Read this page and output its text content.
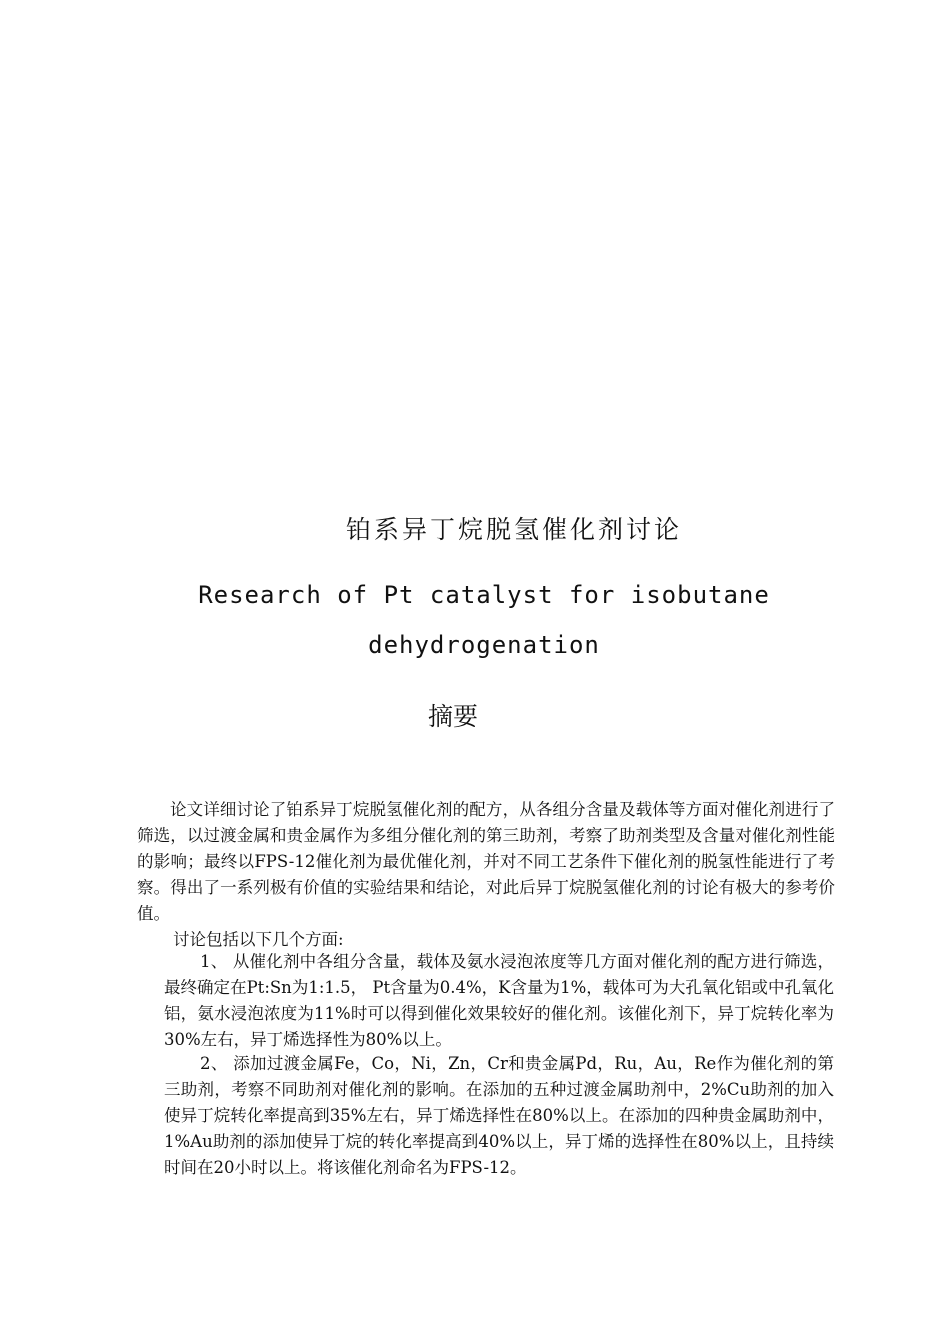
铂系异丁烷脱氢催化剂讨论
Research of Pt catalyst for isobutane dehydrogenation
摘要
论文详细讨论了铂系异丁烷脱氢催化剂的配方，从各组分含量及载体等方面对催化剂进行了筛选，以过渡金属和贵金属作为多组分催化剂的第三助剂，考察了助剂类型及含量对催化剂性能的影响；最终以FPS-12催化剂为最优催化剂，并对不同工艺条件下催化剂的脱氢性能进行了考察。得出了一系列极有价值的实验结果和结论，对此后异丁烷脱氢催化剂的讨论有极大的参考价值。
讨论包括以下几个方面:
1、 从催化剂中各组分含量，载体及氨水浸泡浓度等几方面对催化剂的配方进行筛选，最终确定在Pt:Sn为1:1.5， Pt含量为0.4%，K含量为1%，载体可为大孔氧化铝或中孔氧化铝，氨水浸泡浓度为11%时可以得到催化效果较好的催化剂。该催化剂下，异丁烷转化率为30%左右，异丁烯选择性为80%以上。
2、 添加过渡金属Fe，Co，Ni，Zn，Cr和贵金属Pd，Ru，Au，Re作为催化剂的第三助剂，考察不同助剂对催化剂的影响。在添加的五种过渡金属助剂中，2%Cu助剂的加入使异丁烷转化率提高到35%左右，异丁烯选择性在80%以上。在添加的四种贵金属助剂中，1%Au助剂的添加使异丁烷的转化率提高到40%以上，异丁烯的选择性在80%以上，且持续时间在20小时以上。将该催化剂命名为FPS-12。
